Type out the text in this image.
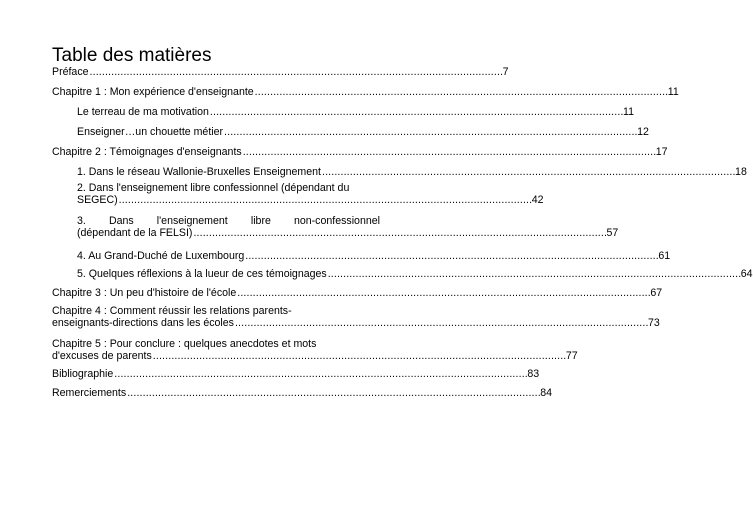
Table des matières
Préface . . .	7
Chapitre 1 : Mon expérience d'enseignante . . .	11
Le terreau de ma motivation . . .	11
Enseigner…un chouette métier . . .	12
Chapitre 2 : Témoignages d'enseignants . . .	17
1. Dans le réseau Wallonie-Bruxelles Enseignement . . .	18
2. Dans l'enseignement libre confessionnel (dépendant du
SEGEC) . . .	42
3. Dans l'enseignement libre non-confessionnel
(dépendant de la FELSI) . . .	57
4. Au Grand-Duché de Luxembourg . . .	61
5. Quelques réflexions à la lueur de ces témoignages . . .	64
Chapitre 3 : Un peu d'histoire de l'école . . .	67
Chapitre 4 : Comment réussir les relations parents-
enseignants-directions dans les écoles . . .	73
Chapitre 5 : Pour conclure : quelques anecdotes et mots
d'excuses de parents . . .	77
Bibliographie . . .	83
Remerciements . . .	84
